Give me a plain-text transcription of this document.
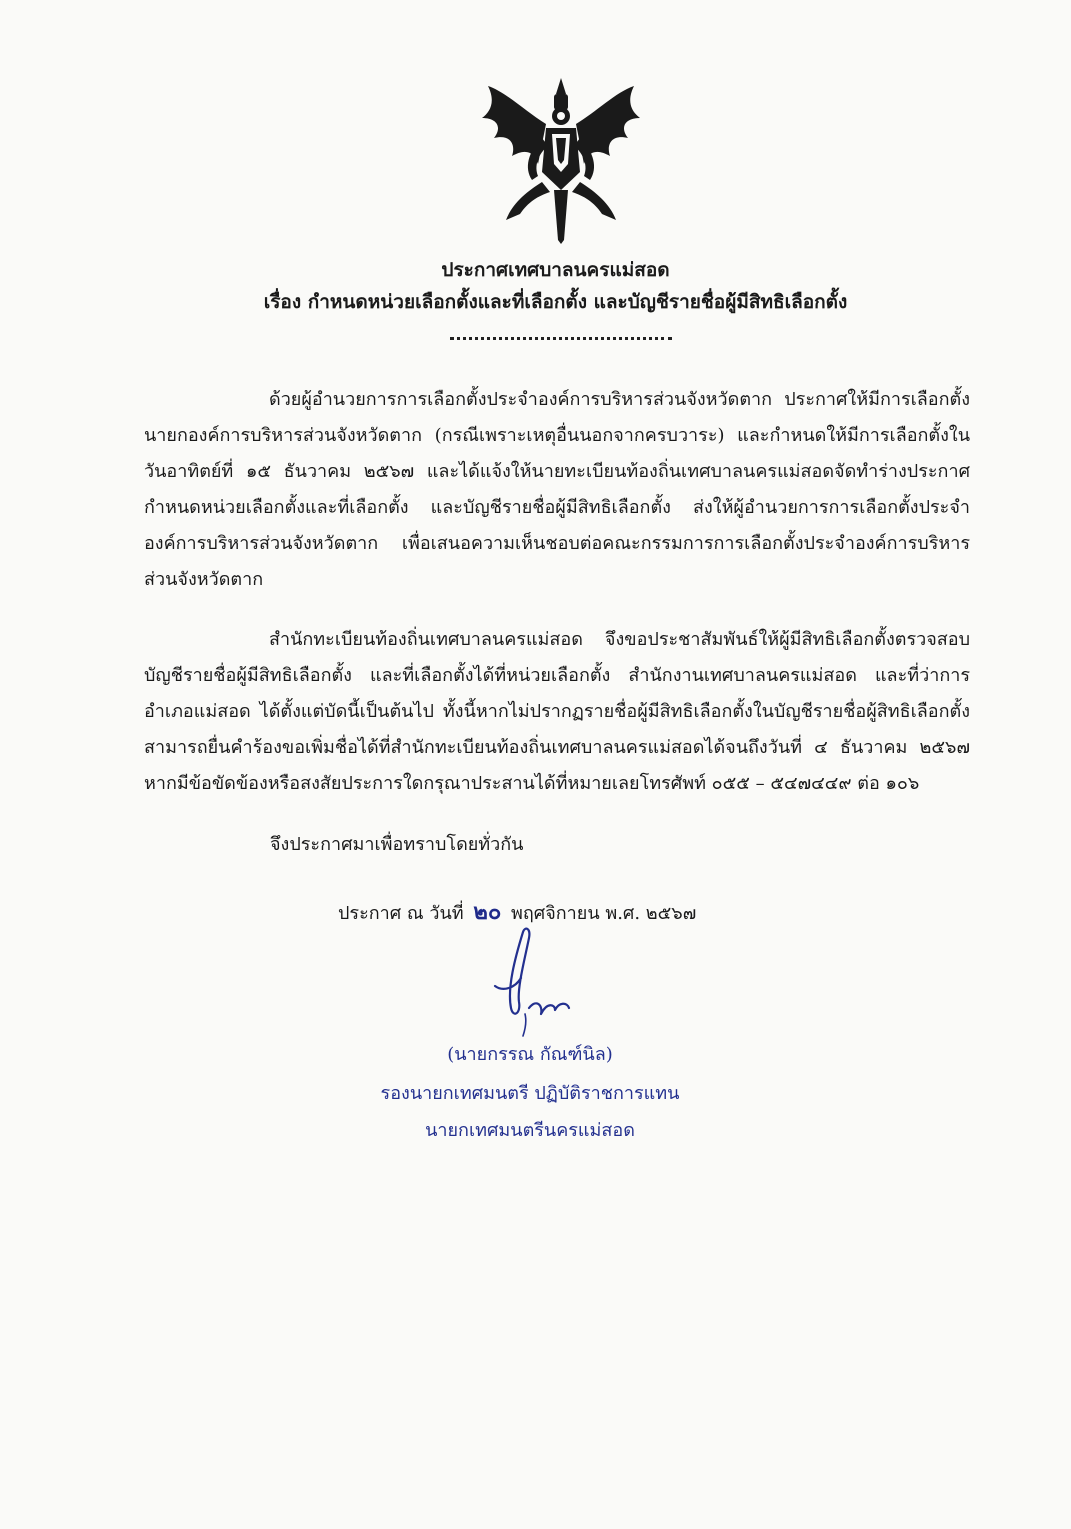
ประกาศเทศบาลนครแม่สอด
เรื่อง กำหนดหน่วยเลือกตั้งและที่เลือกตั้ง และบัญชีรายชื่อผู้มีสิทธิเลือกตั้ง

ด้วยผู้อำนวยการการเลือกตั้งประจำองค์การบริหารส่วนจังหวัดตาก ประกาศให้มีการเลือกตั้งนายกองค์การบริหารส่วนจังหวัดตาก (กรณีเพราะเหตุอื่นนอกจากครบวาระ) และกำหนดให้มีการเลือกตั้งในวันอาทิตย์ที่ ๑๕ ธันวาคม ๒๕๖๗ และได้แจ้งให้นายทะเบียนท้องถิ่นเทศบาลนครแม่สอดจัดทำร่างประกาศกำหนดหน่วยเลือกตั้งและที่เลือกตั้ง และบัญชีรายชื่อผู้มีสิทธิเลือกตั้ง ส่งให้ผู้อำนวยการการเลือกตั้งประจำองค์การบริหารส่วนจังหวัดตาก เพื่อเสนอความเห็นชอบต่อคณะกรรมการการเลือกตั้งประจำองค์การบริหารส่วนจังหวัดตาก

สำนักทะเบียนท้องถิ่นเทศบาลนครแม่สอด จึงขอประชาสัมพันธ์ให้ผู้มีสิทธิเลือกตั้งตรวจสอบบัญชีรายชื่อผู้มีสิทธิเลือกตั้ง และที่เลือกตั้งได้ที่หน่วยเลือกตั้ง สำนักงานเทศบาลนครแม่สอด และที่ว่าการอำเภอแม่สอด ได้ตั้งแต่บัดนี้เป็นต้นไป ทั้งนี้หากไม่ปรากฏรายชื่อผู้มีสิทธิเลือกตั้งในบัญชีรายชื่อผู้สิทธิเลือกตั้ง สามารถยื่นคำร้องขอเพิ่มชื่อได้ที่สำนักทะเบียนท้องถิ่นเทศบาลนครแม่สอดได้จนถึงวันที่ ๔ ธันวาคม ๒๕๖๗ หากมีข้อขัดข้องหรือสงสัยประการใดกรุณาประสานได้ที่หมายเลยโทรศัพท์ ๐๕๕ – ๕๔๗๔๔๙ ต่อ ๑๐๖

จึงประกาศมาเพื่อทราบโดยทั่วกัน
ประกาศ ณ วันที่ ๒๐ พฤศจิกายน พ.ศ. ๒๕๖๗
(นายกรรณ กัณฑ์นิล)
รองนายกเทศมนตรี ปฏิบัติราชการแทน
นายกเทศมนตรีนครแม่สอด
